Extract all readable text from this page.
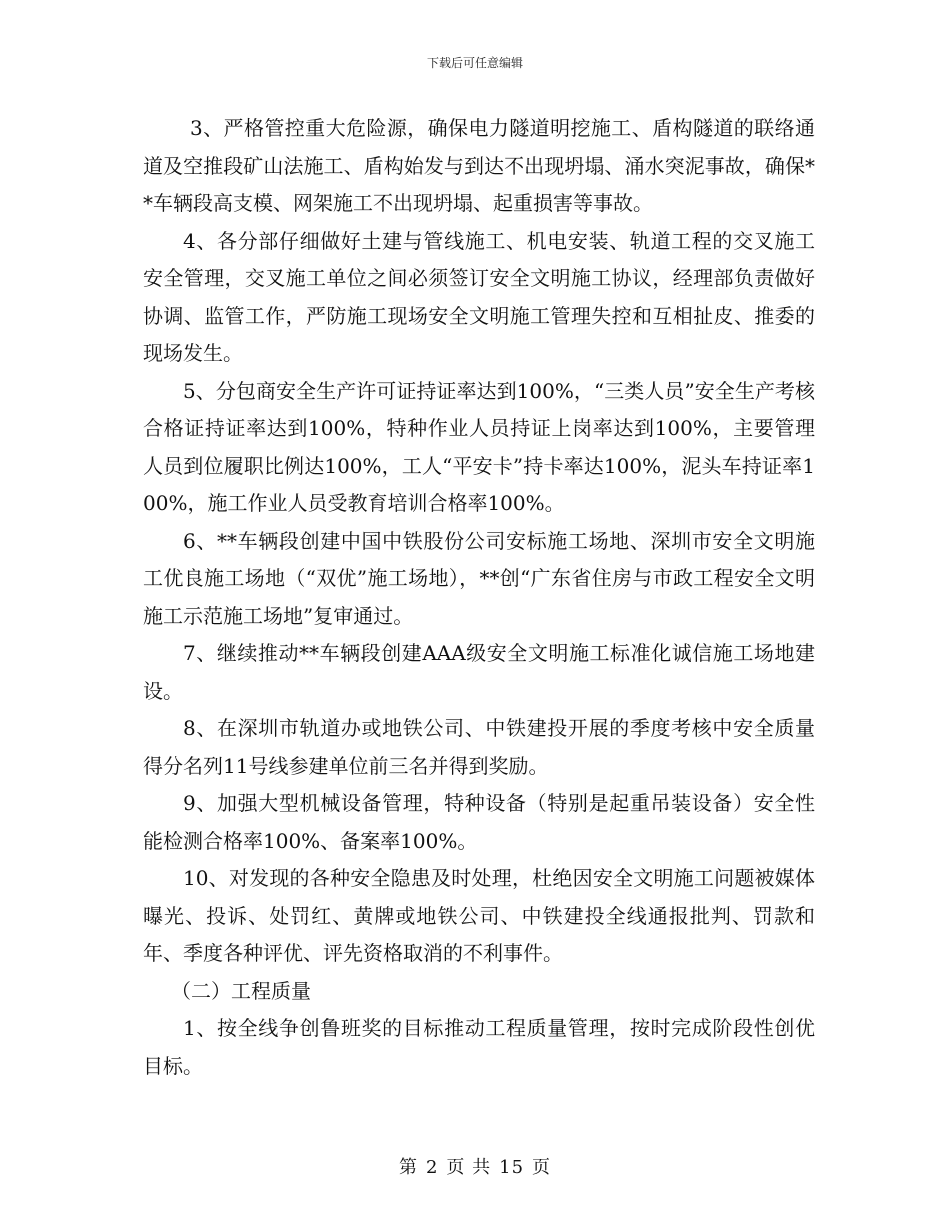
下载后可任意编辑

3、严格管控重大危险源，确保电力隧道明挖施工、盾构隧道的联络通道及空推段矿山法施工、盾构始发与到达不出现坍塌、涌水突泥事故，确保**车辆段高支模、网架施工不出现坍塌、起重损害等事故。

4、各分部仔细做好土建与管线施工、机电安装、轨道工程的交叉施工安全管理，交叉施工单位之间必须签订安全文明施工协议，经理部负责做好协调、监管工作，严防施工现场安全文明施工管理失控和互相扯皮、推委的现场发生。

5、分包商安全生产许可证持证率达到100%，“三类人员”安全生产考核合格证持证率达到100%，特种作业人员持证上岗率达到100%，主要管理人员到位履职比例达100%，工人“平安卡”持卡率达100%，泥头车持证率100%，施工作业人员受教育培训合格率100%。

6、**车辆段创建中国中铁股份公司安标施工场地、深圳市安全文明施工优良施工场地（“双优”施工场地），**创“广东省住房与市政工程安全文明施工示范施工场地”复审通过。

7、继续推动**车辆段创建AAA级安全文明施工标准化诚信施工场地建设。

8、在深圳市轨道办或地铁公司、中铁建投开展的季度考核中安全质量得分名列11号线参建单位前三名并得到奖励。

9、加强大型机械设备管理，特种设备（特别是起重吊装设备）安全性能检测合格率100%、备案率100%。

10、对发现的各种安全隐患及时处理，杜绝因安全文明施工问题被媒体曝光、投诉、处罚红、黄牌或地铁公司、中铁建投全线通报批判、罚款和年、季度各种评优、评先资格取消的不利事件。

（二）工程质量

1、按全线争创鲁班奖的目标推动工程质量管理，按时完成阶段性创优目标。

第 2 页 共 15 页
